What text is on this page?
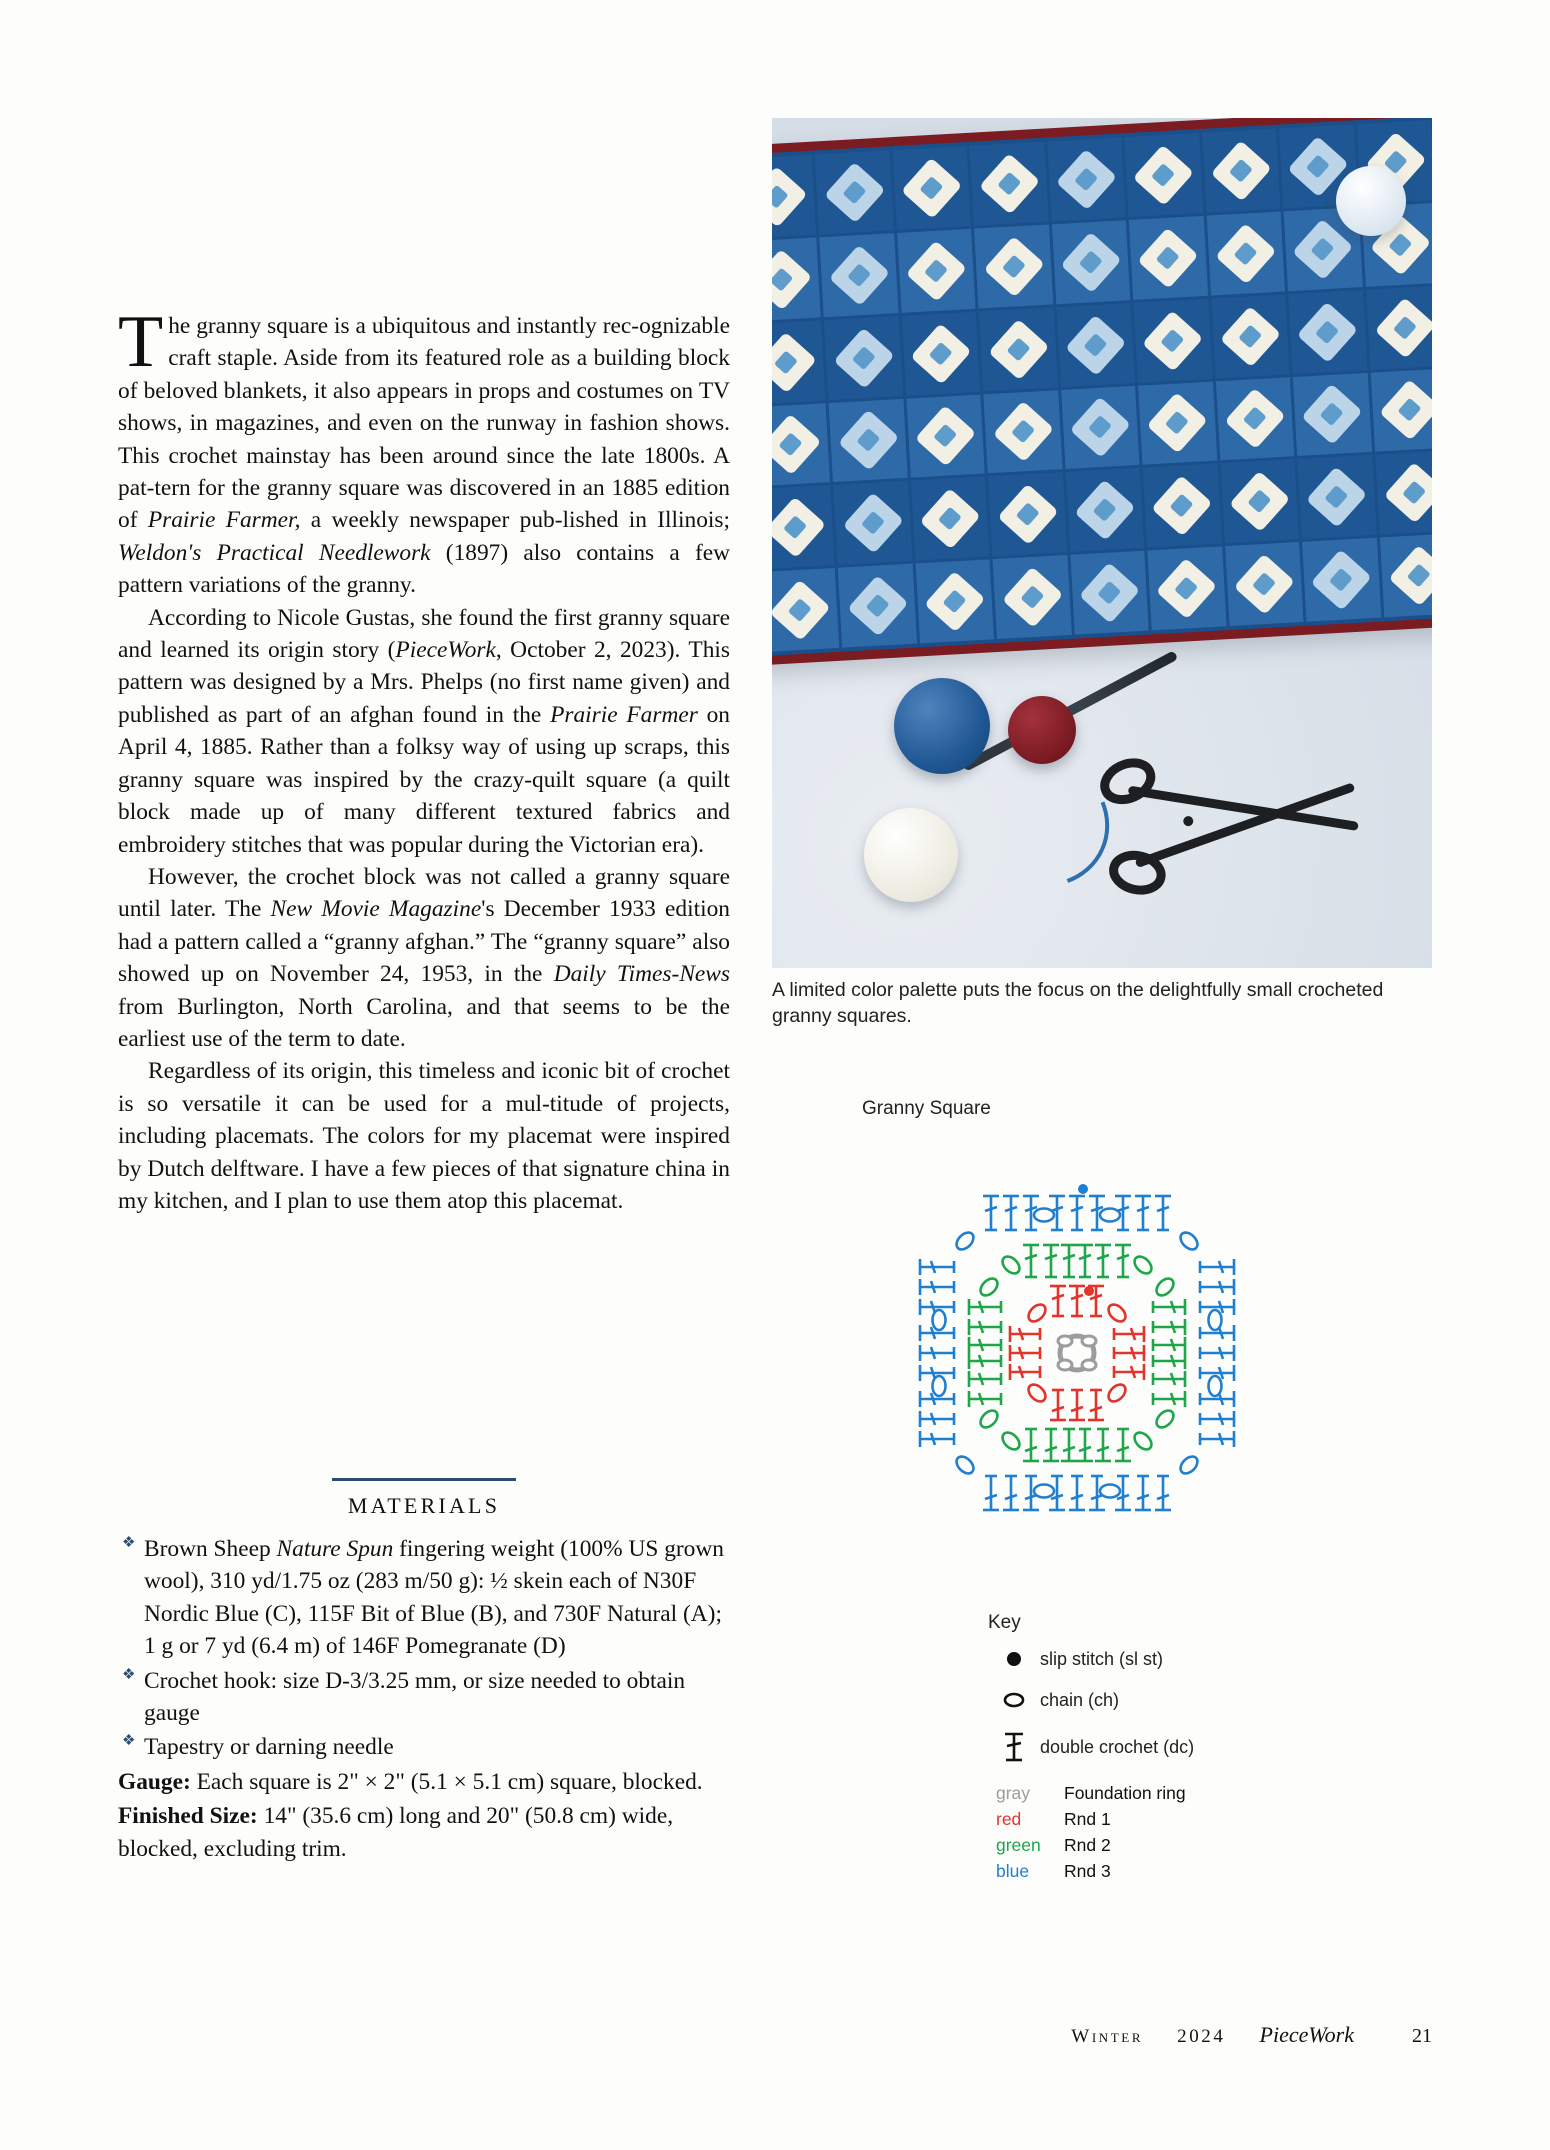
The granny square is a ubiquitous and instantly rec-ognizable craft staple. Aside from its featured role as a building block of beloved blankets, it also appears in props and costumes on TV shows, in magazines, and even on the runway in fashion shows. This crochet mainstay has been around since the late 1800s. A pat-tern for the granny square was discovered in an 1885 edition of Prairie Farmer, a weekly newspaper pub-lished in Illinois; Weldon's Practical Needlework (1897) also contains a few pattern variations of the granny.

According to Nicole Gustas, she found the first granny square and learned its origin story (PieceWork, October 2, 2023). This pattern was designed by a Mrs. Phelps (no first name given) and published as part of an afghan found in the Prairie Farmer on April 4, 1885. Rather than a folksy way of using up scraps, this granny square was inspired by the crazy-quilt square (a quilt block made up of many different textured fabrics and embroidery stitches that was popular during the Victorian era).

However, the crochet block was not called a granny square until later. The New Movie Magazine's December 1933 edition had a pattern called a “granny afghan.” The “granny square” also showed up on November 24, 1953, in the Daily Times-News from Burlington, North Carolina, and that seems to be the earliest use of the term to date.

Regardless of its origin, this timeless and iconic bit of crochet is so versatile it can be used for a mul-titude of projects, including placemats. The colors for my placemat were inspired by Dutch delftware. I have a few pieces of that signature china in my kitchen, and I plan to use them atop this placemat.

MATERIALS
❖ Brown Sheep Nature Spun fingering weight (100% US grown wool), 310 yd/1.75 oz (283 m/50 g): ½ skein each of N30F Nordic Blue (C), 115F Bit of Blue (B), and 730F Natural (A); 1 g or 7 yd (6.4 m) of 146F Pomegranate (D)
❖ Crochet hook: size D-3/3.25 mm, or size needed to obtain gauge
❖ Tapestry or darning needle
Gauge: Each square is 2" × 2" (5.1 × 5.1 cm) square, blocked.
Finished Size: 14" (35.6 cm) long and 20" (50.8 cm) wide, blocked, excluding trim.
A limited color palette puts the focus on the delightfully small crocheted granny squares.
Granny Square
Key
slip stitch (sl st)
chain (ch)
double crochet (dc)
gray	Foundation ring
red	Rnd 1
green	Rnd 2
blue	Rnd 3
Winter 2024 PieceWork	21
